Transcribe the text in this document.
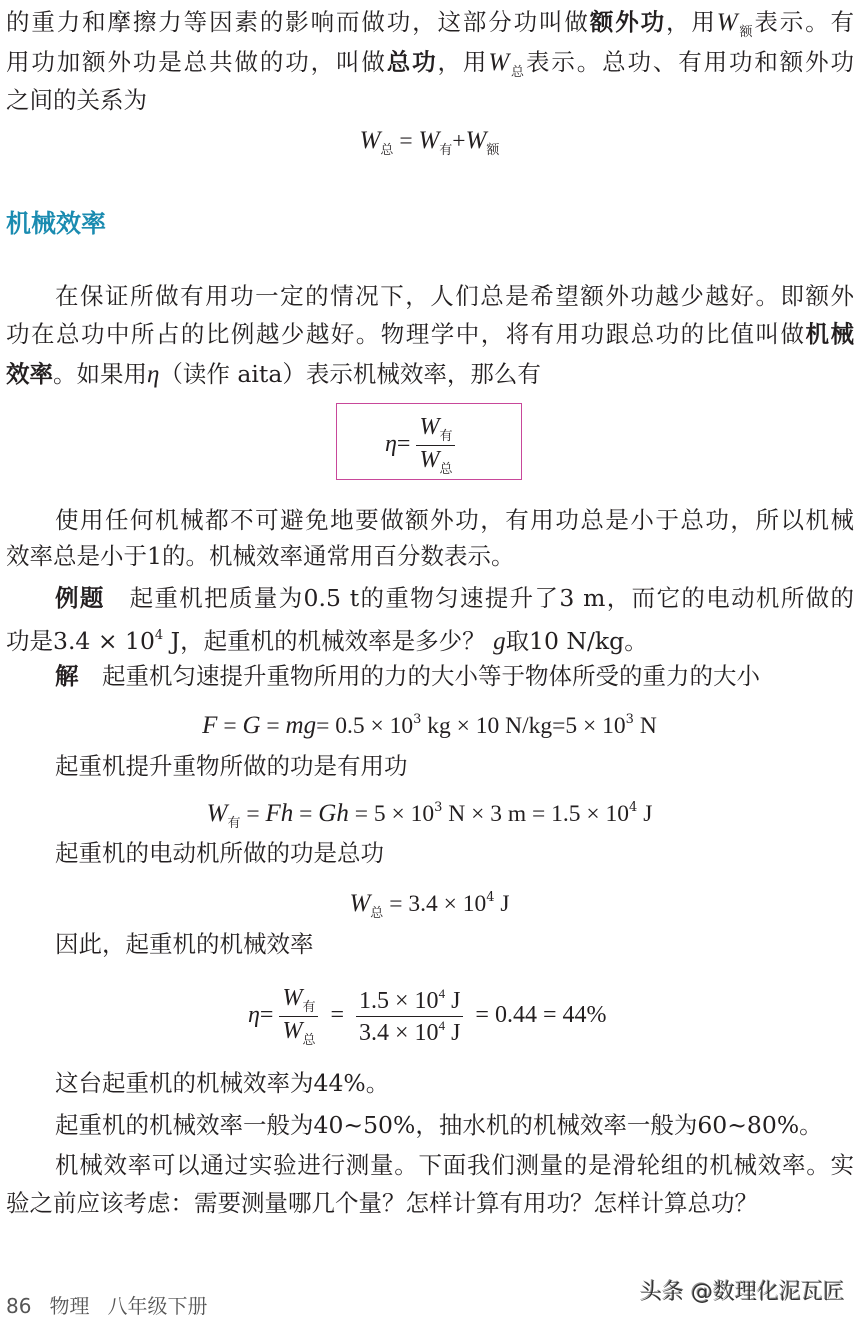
的重力和摩擦力等因素的影响而做功，这部分功叫做额外功，用$W_额$表示。有
用功加额外功是总共做的功，叫做总功，用$W_总$表示。总功、有用功和额外功
之间的关系为
$W_总 = W_有+W_额$
在保证所做有用功一定的情况下，人们总是希望额外功越少越好。即额外
功在总功中所占的比例越少越好。物理学中，将有用功跟总功的比值叫做机械
效率。如果用η（读作 aita）表示机械效率，那么有
使用任何机械都不可避免地要做额外功，有用功总是小于总功，所以机械
效率总是小于1的。机械效率通常用百分数表示。
例题　起重机把质量为0.5 t的重物匀速提升了3 m，而它的电动机所做的
功是$3.4 \times 10^4$ J，起重机的机械效率是多少？ g取10 N/kg。
解　起重机匀速提升重物所用的力的大小等于物体所受的重力的大小
$F = G = mg= 0.5 \times 10^3$ kg × 10 $N/kg=5 \times 10^3$ N
起重机提升重物所做的功是有用功
$W_有 = Fh = Gh = 5 \times 10^3$ N × 3 $m = 1.5 \times 10^4$ J
起重机的电动机所做的功是总功
$W_总 = 3.4 \times 10^4$ J
因此，起重机的机械效率
这台起重机的机械效率为44%。
起重机的机械效率一般为40~50%，抽水机的机械效率一般为60~80%。
机械效率可以通过实验进行测量。下面我们测量的是滑轮组的机械效率。实
验之前应该考虑：需要测量哪几个量？怎样计算有用功？怎样计算总功？
机械效率
$\eta= \frac{W_有}{W_总}$
$\eta= \frac{W_有}{W_总} = \frac{1.5 \times 10^4 J}{3.4 \times 10^4 J} = 0.44 = 44\%$
86 物理 八年级下册
头条 @数理化泥瓦匠
